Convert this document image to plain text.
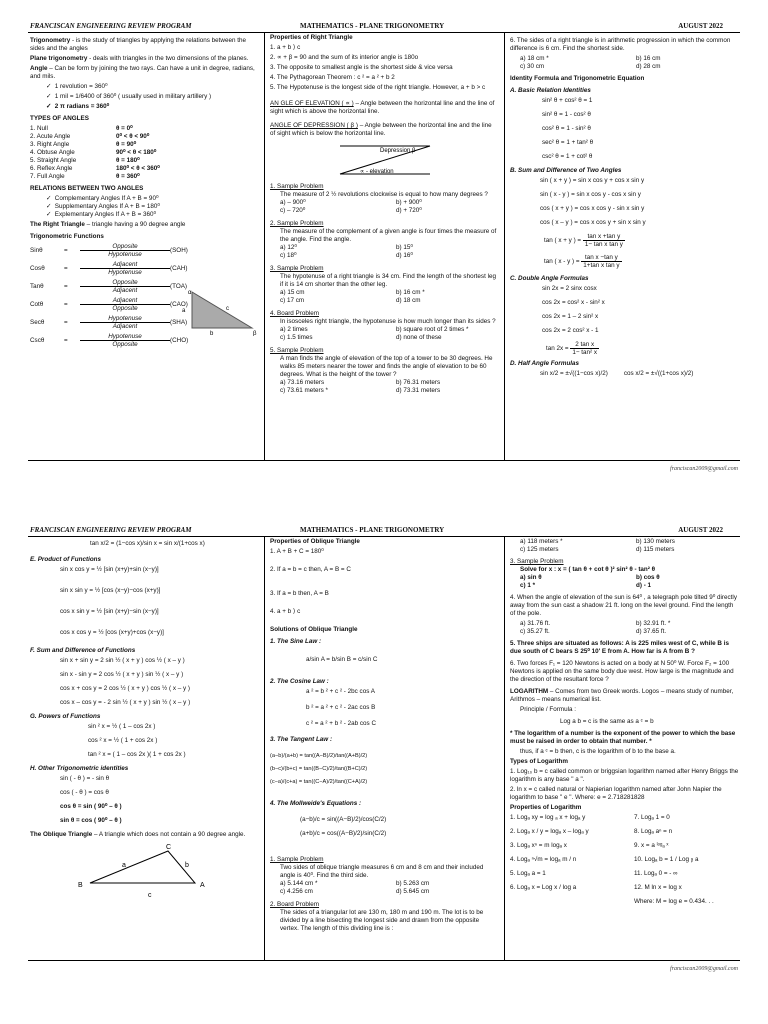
FRANCISCAN ENGINEERING REVIEW PROGRAM	MATHEMATICS - PLANE TRIGONOMETRY	AUGUST 2022
franciscan2009@gmail.com

Trigonometry - is the study of triangles by applying the relations between the sides and the angles

Plane trigonometry - deals with triangles in the two dimensions of the planes.

Angle – Can be form by joining the two rays. Can have a unit in degree, radians, and mils.

✓  1 revolution = 360⁰

✓  1 mil = 1/6400 of 360⁰ ( usually used in military artillery )

✓  2 π radians = 360⁰

TYPES OF ANGLES

1. Null	θ = 0⁰
2. Acute Angle	0⁰ < θ < 90⁰
3. Right Angle	θ = 90⁰
4. Obtuse Angle	90⁰ < θ < 180⁰
5. Straight Angle	θ = 180⁰
6. Reflex Angle	180⁰ < θ < 360⁰
7. Full Angle	θ = 360⁰

RELATIONS BETWEEN TWO ANGLES

✓  Complementary Angles If A + B = 90⁰

✓  Supplementary Angles If A + B = 180⁰

✓  Explementary Angles If A + B = 360⁰

The Right Triangle – triangle having a 90 degree angle

Trigonometric Functions

Sinθ	=	Opposite
Hypotenuse
(SOH)
Cosθ	=	Adjacent
Hypotenuse
(CAH)
Tanθ	=	Opposite
Adjacent
(TOA)
Cotθ	=	Adjacent
Opposite
(CAO)
Secθ	=	Hypotenuse
Adjacent
(SHA)
Cscθ	=	Hypotenuse
Opposite
(CHO)
α
a	c
b	β

Properties of Right Triangle

1. a + b ⟩ c

2. ∝ + β = 90 and the sum of its interior angle is 180o

3. The opposite to smallest angle is the shortest side & vice versa

4. The Pythagorean Theorem : c ² = a ² + b 2

5. The Hypotenuse is the longest side of the right triangle. However, a + b > c

AN GLE OF ELEVATION ( ∝ ) – Angle between the horizontal line and the line of sight which is above the horizontal line.

ANGLE OF DEPRESSION ( β ) – Angle between the horizontal line and the line of sight which is below the horizontal line.

Depression β
∝ - elevation

1. Sample Problem

The measure of 2 ½ revolutions clockwise is equal to how many degrees ?

a) – 900⁰	b) + 900⁰
c) – 720⁰	d) + 720⁰

2. Sample Problem

The measure of the complement of a given angle is four times the measure of the angle. Find the angle.

a) 12⁰	b) 15⁰
c) 18⁰	d) 16⁰

3. Sample Problem

The hypotenuse of a right triangle is 34 cm. Find the length of the shortest leg if it is 14 cm shorter than the other leg.

a) 15 cm	b) 16 cm *
c) 17 cm	d) 18 cm

4. Board Problem

In isosceles right triangle, the hypotenuse is how much longer than its sides ?

a) 2 times	b) square root of 2 times *
c) 1.5 times	d) none of these

5. Sample Problem

A man finds the angle of elevation of the top of a tower to be 30 degrees. He walks 85 meters nearer the tower and finds the angle of elevation to be 60 degrees. What is the height of the tower ?

a) 73.16 meters	b) 76.31 meters
c) 73.61 meters *	d) 73.31 meters

6. The sides of a right triangle is in arithmetic progression in which the common difference is 6 cm. Find the shortest side.

a) 18 cm *	b) 16 cm
c) 30 cm	d) 28 cm

Identity Formula and Trigonometric Equation

A. Basic Relation Identities

sin² θ + cos² θ = 1

sin² θ = 1 - cos² θ

cos² θ = 1 - sin² θ

sec² θ = 1 + tan² θ

csc² θ = 1 + cot² θ

B. Sum and Difference of Two Angles

sin ( x + y ) = sin x cos y + cos x sin y

sin ( x - y ) = sin x cos y - cos x sin y

cos ( x + y ) = cos x cos y - sin x sin y

cos ( x – y ) = cos x cos y + sin x sin y

tan ( x + y ) = $\frac{\text{tan x +tan y}}{\text{1− tan x tan y}}$

tan ( x - y ) = $\frac{\text{tan x −tan y}}{\text{1+tan x tan y}}$

C. Double Angle Formulas

sin 2x = 2 sinx cosx

cos 2x = cos² x - sin² x

cos 2x = 1 – 2 sin² x

cos 2x = 2 cos² x - 1

$\tan 2x = \frac{\text{2 tan x}}{\text{1− tan² x}}$

D. Half Angle Formulas

sin x/2 = ±√((1−cos x)/2)	cos x/2 = ±√((1+cos x)/2)
FRANCISCAN ENGINEERING REVIEW PROGRAM	MATHEMATICS - PLANE TRIGONOMETRY	AUGUST 2022
franciscan2009@gmail.com

tan x/2 = (1−cos x)/sin x = sin x/(1+cos x)

E. Product of Functions

sin x cos y = ½ [sin (x+y)+sin (x−y)]

sin x sin y = ½ [cos (x−y)−cos (x+y)]

cos x sin y = ½ [sin (x+y)−sin (x−y)]

cos x cos y = ½ [cos (x+y)+cos (x−y)]

F. Sum and Difference of Functions

sin x + sin y = 2 sin ½ ( x + y ) cos ½ ( x – y )

sin x - sin y = 2 cos ½ ( x + y ) sin ½ ( x – y )

cos x + cos y = 2 cos ½ ( x + y ) cos ½ ( x – y )

cos x – cos y = - 2 sin ½ ( x + y ) sin ½ ( x – y )

G. Powers of Functions

sin ² x = ½ ( 1 – cos 2x )

cos ² x = ½ ( 1 + cos 2x )

tan ² x = ( 1 – cos 2x )( 1 + cos 2x )

H. Other Trigonometric identities

sin ( - θ ) = - sin θ

cos ( - θ ) = cos θ

cos θ = sin ( 90⁰ – θ )

sin θ = cos ( 90⁰ – θ )

The Oblique Triangle – A triangle which does not contain a 90 degree angle.

C
a	b
B	A
c

Properties of Oblique Triangle

1. A + B + C = 180⁰

2. If a = b = c then, A = B = C

3. If a = b then, A = B

4. a + b ⟩ c

Solutions of Oblique Triangle

1. The Sine Law :

a/sin A = b/sin B = c/sin C

2. The Cosine Law :

a ² = b ² + c ² - 2bc cos A

b ² = a ² + c ² - 2ac cos B

c ² = a ² + b ² - 2ab cos C

3. The Tangent Law :

(a−b)/(a+b) = tan((A−B)/2)/tan((A+B)/2)

(b−c)/(b+c) = tan((B−C)/2)/tan((B+C)/2)

(c−a)/(c+a) = tan((C−A)/2)/tan((C+A)/2)

4. The Mollweide's Equations :

(a−b)/c = sin((A−B)/2)/cos(C/2)

(a+b)/c = cos((A−B)/2)/sin(C/2)

1. Sample Problem

Two sides of oblique triangle measures 6 cm and 8 cm and their included angle is 40⁰. Find the third side.

a) 5.144 cm *	b) 5.263 cm
c) 4.256 cm	d) 5.645 cm

2. Board Problem

The sides of a triangular lot are 130 m, 180 m and 190 m. The lot is to be divided by a line bisecting the longest side and drawn from the opposite vertex. The length of this dividing line is :

a) 118 meters *	b) 130 meters
c) 125 meters	d) 115 meters

3. Sample Problem

Solve for x : x = ( tan θ + cot θ )² sin² θ - tan² θ

a) sin θ	b) cos θ
c) 1 *	d) - 1

4. When the angle of elevation of the sun is 64⁰ , a telegraph pole tilted 9⁰ directly away from the sun cast a shadow 21 ft. long on the level ground. Find the length of the pole.

a) 31.76 ft.	b) 32.91 ft. *
c) 35.27 ft.	d) 37.65 ft.

5. Three ships are situated as follows: A is 225 miles west of C, while B is due south of C bears S 25⁰ 10' E from A. How far is A from B ?

6. Two forces F₁ = 120 Newtons is acted on a body at N 50⁰ W. Force F₂ = 100 Newtons is applied on the same body due west. How large is the magnitude and the direction of the resultant force ?

LOGARITHM – Comes from two Greek words. Logos – means study of number, Arithmos – means numerical list.

Principle / Formula :

Log a b = c is the same as a ᶜ = b

* The logarithm of a number is the exponent of the power to which the base must be raised in order to obtain that number. *

thus, if a ᶜ = b then, c is the logarithm of b to the base a.

Types of Logarithm

1. Log₁₀ b = c called common or briggsian logarithm named after Henry Briggs the logarithm is any base " a ".

2. ln x = c called natural or Napierian logarithm named after John Napier the logarithm to base " e ". Where: e = 2.718281828

Properties of Logarithm

1. Logₐ xy = log ₐ x + logₐ y

2. Logₐ x / y = logₐ x – logₐ y

3. Logₐ xⁿ = m logₐ x

4. Logₐ ⁿ√m = logₐ m / n

5. Logₐ a = 1

6. Logₐ x = Log x / log a

7. Logₐ 1 = 0

8. Logₐ aⁿ = n

9. x = a ˡᵒᵍₐ ˣ

10. Logₐ b = 1 / Log ᵦ a

11. Logₐ 0 = - ∞

12. M ln x = log x

Where: M = log e = 0.434. . .
